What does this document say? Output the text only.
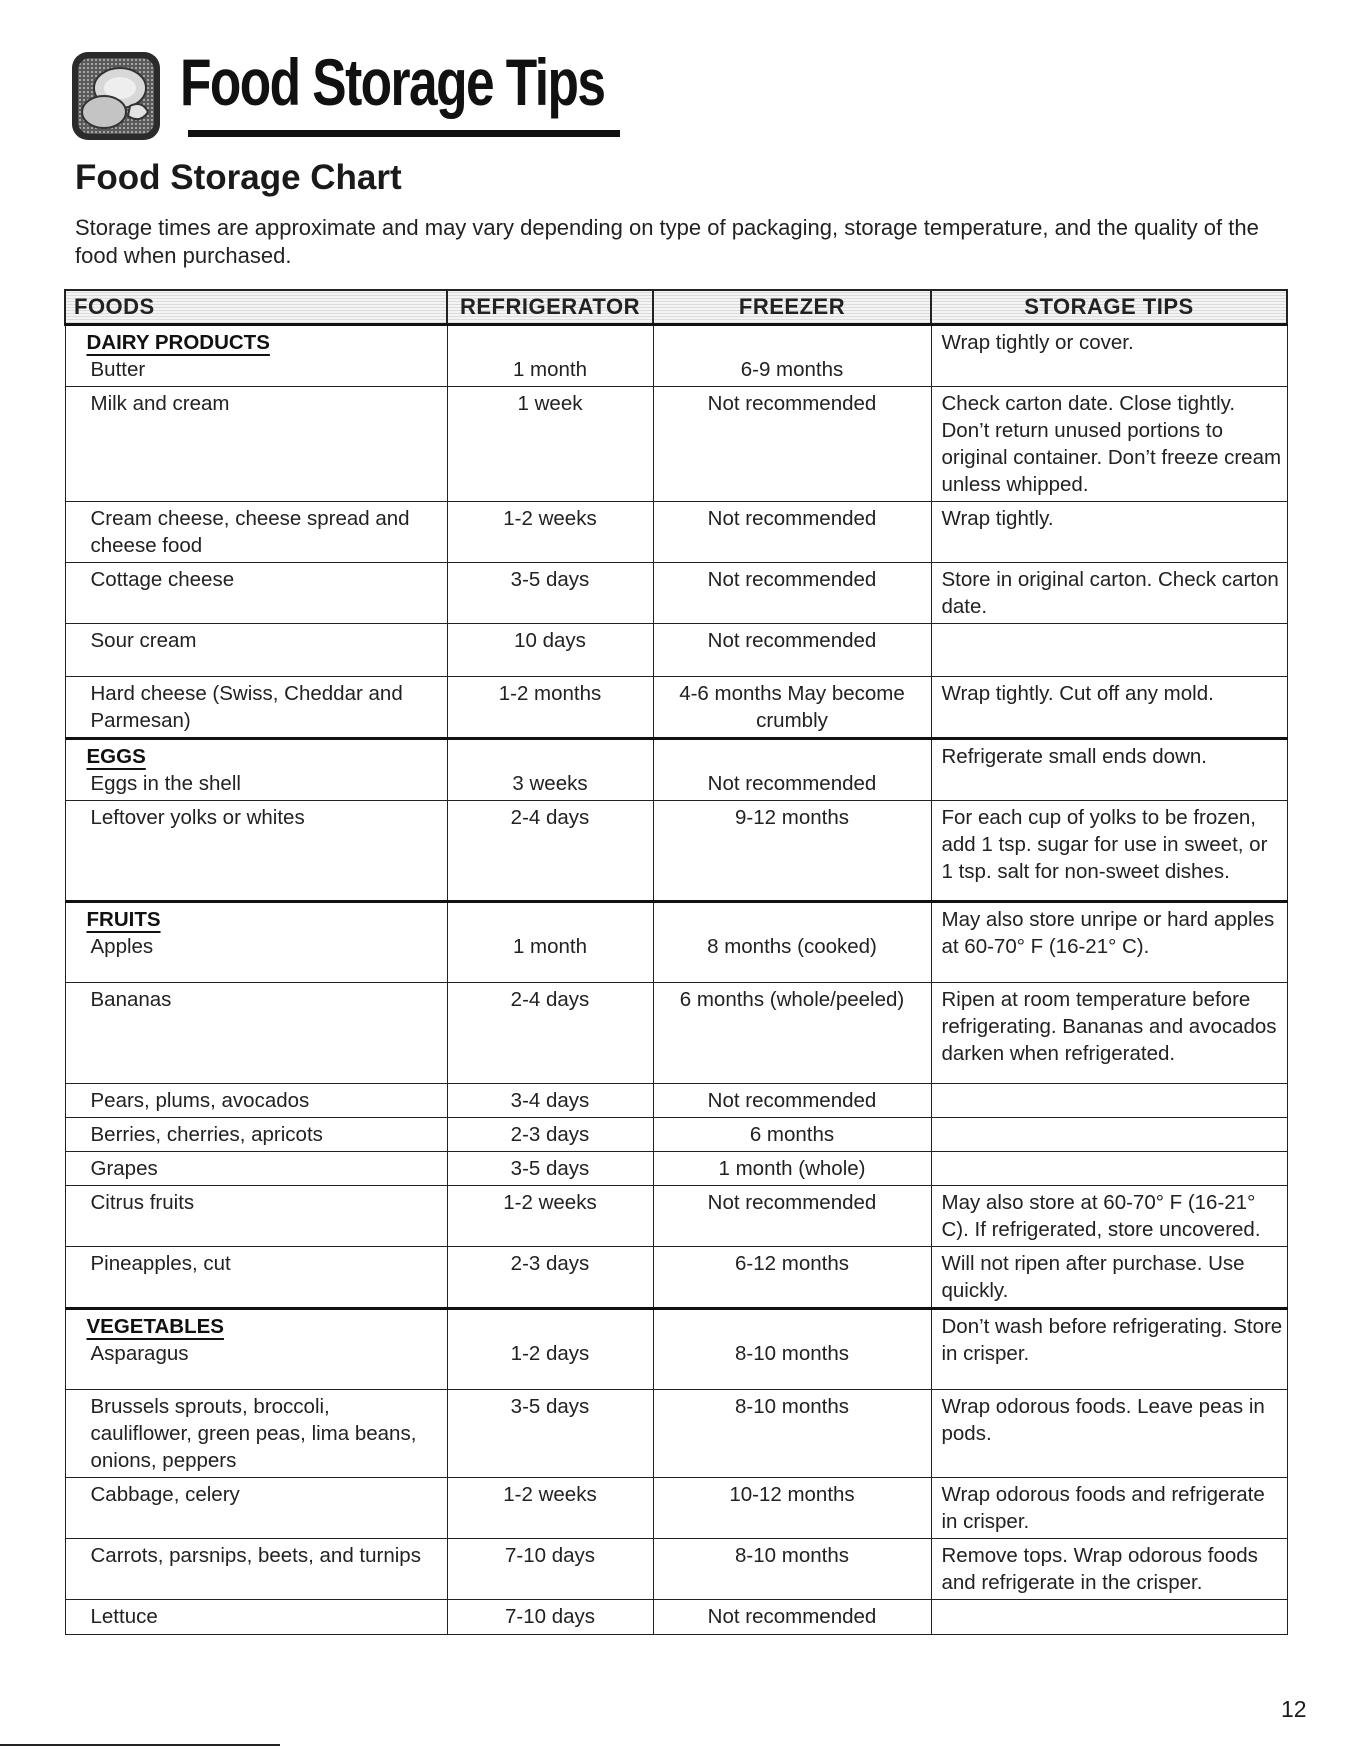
Food Storage Tips
Food Storage Chart

Storage times are approximate and may vary depending on type of packaging, storage temperature, and the quality of the food when purchased.

FOODS	REFRIGERATOR	FREEZER	STORAGE TIPS

DAIRY PRODUCTS
Butter	1 month	6-9 months	Wrap tightly or cover.
Milk and cream	1 week	Not recommended	Check carton date. Close tightly. Don’t return unused portions to original container. Don’t freeze cream unless whipped.
Cream cheese, cheese spread and cheese food	1-2 weeks	Not recommended	Wrap tightly.
Cottage cheese	3-5 days	Not recommended	Store in original carton. Check carton date.
Sour cream	10 days	Not recommended	
Hard cheese (Swiss, Cheddar and Parmesan)	1-2 months	4-6 months May become crumbly	Wrap tightly. Cut off any mold.

EGGS
Eggs in the shell	3 weeks	Not recommended	Refrigerate small ends down.
Leftover yolks or whites	2-4 days	9-12 months	For each cup of yolks to be frozen, add 1 tsp. sugar for use in sweet, or 1 tsp. salt for non-sweet dishes.

FRUITS
Apples	1 month	8 months (cooked)	May also store unripe or hard apples at 60-70° F (16-21° C).
Bananas	2-4 days	6 months (whole/peeled)	Ripen at room temperature before refrigerating. Bananas and avocados darken when refrigerated.
Pears, plums, avocados	3-4 days	Not recommended	
Berries, cherries, apricots	2-3 days	6 months	
Grapes	3-5 days	1 month (whole)	
Citrus fruits	1-2 weeks	Not recommended	May also store at 60-70° F (16-21° C). If refrigerated, store uncovered.
Pineapples, cut	2-3 days	6-12 months	Will not ripen after purchase. Use quickly.

VEGETABLES
Asparagus	1-2 days	8-10 months	Don’t wash before refrigerating. Store in crisper.
Brussels sprouts, broccoli, cauliflower, green peas, lima beans, onions, peppers	3-5 days	8-10 months	Wrap odorous foods. Leave peas in pods.
Cabbage, celery	1-2 weeks	10-12 months	Wrap odorous foods and refrigerate in crisper.
Carrots, parsnips, beets, and turnips	7-10 days	8-10 months	Remove tops. Wrap odorous foods and refrigerate in the crisper.
Lettuce	7-10 days	Not recommended	

12
